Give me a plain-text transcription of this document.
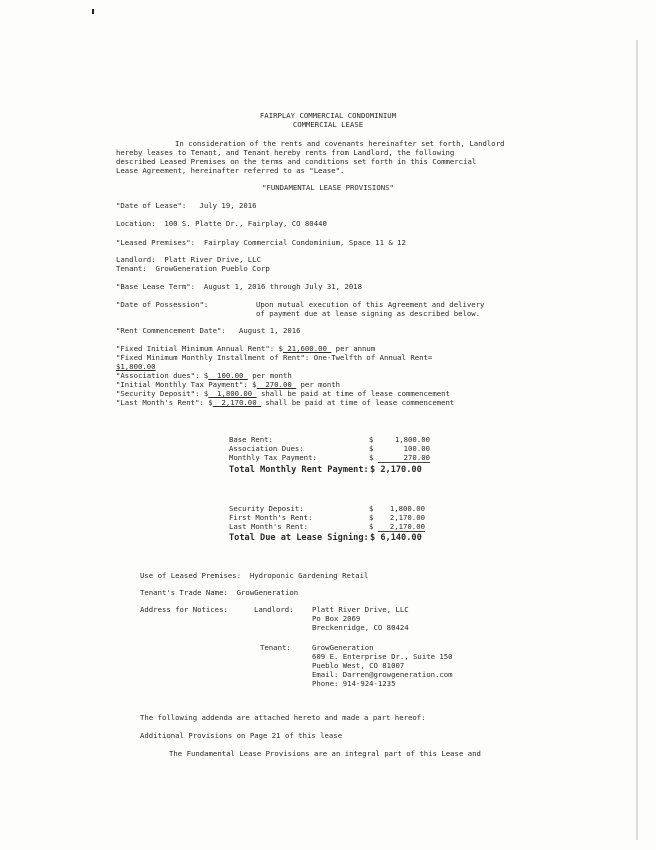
FAIRPLAY COMMERCIAL CONDOMINIUM
COMMERCIAL LEASE
In consideration of the rents and covenants hereinafter set forth, Landlord
hereby leases to Tenant, and Tenant hereby rents from Landlord, the following
described Leased Premises on the terms and conditions set forth in this Commercial
Lease Agreement, hereinafter referred to as "Lease".
"FUNDAMENTAL LEASE PROVISIONS"
"Date of Lease":   July 19, 2016
Location:  100 S. Platte Dr., Fairplay, CO 80440
"Leased Premises":  Fairplay Commercial Condominium, Space 11 & 12
Landlord:  Platt River Drive, LLC
Tenant:  GrowGeneration Pueblo Corp
"Base Lease Term":  August 1, 2016 through July 31, 2018
"Date of Possession":	Upon mutual execution of this Agreement and delivery
of payment due at lease signing as described below.
"Rent Commencement Date":   August 1, 2016
"Fixed Initial Minimum Annual Rent": $ 21,600.00  per annum
"Fixed Minimum Monthly Installment of Rent": One-Twelfth of Annual Rent=
$1,800.00
"Association dues": $  100.00  per month
"Initial Monthly Tax Payment": $  270.00  per month
"Security Deposit": $  1,800.00  shall be paid at time of lease commencement
"Last Month's Rent": $  2,170.00  shall be paid at time of lease commencement
Base Rent:	$	1,800.00
Association Dues:	$	100.00
Monthly Tax Payment:	$	270.00
Total Monthly Rent Payment: $ 2,170.00
Security Deposit:	$	1,800.00
First Month's Rent:	$	2,170.00
Last Month's Rent:	$	2,170.00
Total Due at Lease Signing: $ 6,140.00
Use of Leased Premises:  Hydroponic Gardening Retail
Tenant's Trade Name:  GrowGeneration
Address for Notices:	Landlord:	Platt River Drive, LLC
Po Box 2069
Breckenridge, CO 80424
Tenant:	GrowGeneration
609 E. Enterprise Dr., Suite 150
Pueblo West, CO 81007
Email: Darren@growgeneration.com
Phone: 914-924-1235
The following addenda are attached hereto and made a part hereof:
Additional Provisions on Page 21 of this lease
The Fundamental Lease Provisions are an integral part of this Lease and
